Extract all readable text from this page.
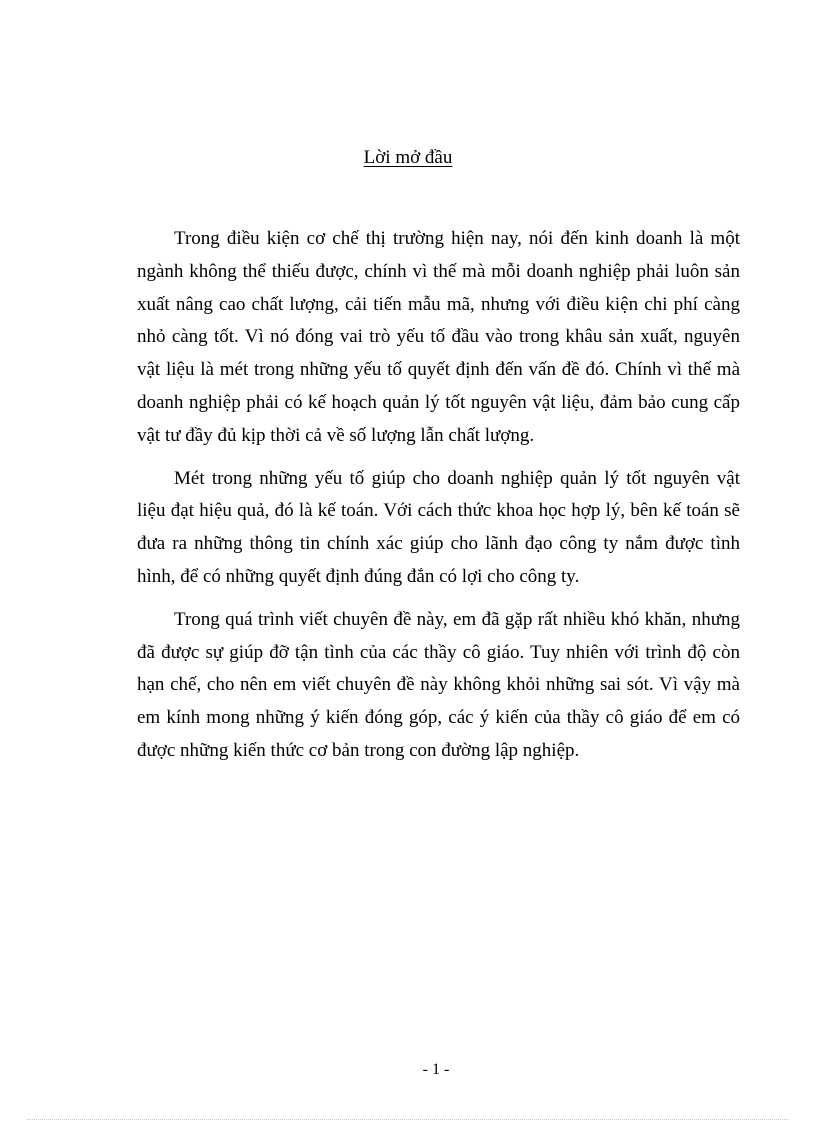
Lời mở đầu

Trong điều kiện cơ chế thị trường hiện nay, nói đến kinh doanh là một ngành không thể thiếu được, chính vì thế mà mỗi doanh nghiệp phải luôn sản xuất nâng cao chất lượng, cải tiến mẫu mã, nhưng với điều kiện chi phí càng nhỏ càng tốt. Vì nó đóng vai trò yếu tố đầu vào trong khâu sản xuất, nguyên vật liệu là mét trong những yếu tố quyết định đến vấn đề đó. Chính vì thế mà doanh nghiệp phải có kế hoạch quản lý tốt nguyên vật liệu, đảm bảo cung cấp vật tư đầy đủ kịp thời cả về số lượng lẫn chất lượng.

Mét trong những yếu tố giúp cho doanh nghiệp quản lý tốt nguyên vật liệu đạt hiệu quả, đó là kế toán. Với cách thức khoa học hợp lý, bên kế toán sẽ đưa ra những thông tin chính xác giúp cho lãnh đạo công ty nắm được tình hình, để có những quyết định đúng đắn có lợi cho công ty.

Trong quá trình viết chuyên đề này, em đã gặp rất nhiều khó khăn, nhưng đã được sự giúp đỡ tận tình của các thầy cô giáo. Tuy nhiên với trình độ còn hạn chế, cho nên em viết chuyên đề này không khỏi những sai sót. Vì vậy mà em kính mong những ý kiến đóng góp, các ý kiến của thầy cô giáo để em có được những kiến thức cơ bản trong con đường lập nghiệp.

- 1 -
